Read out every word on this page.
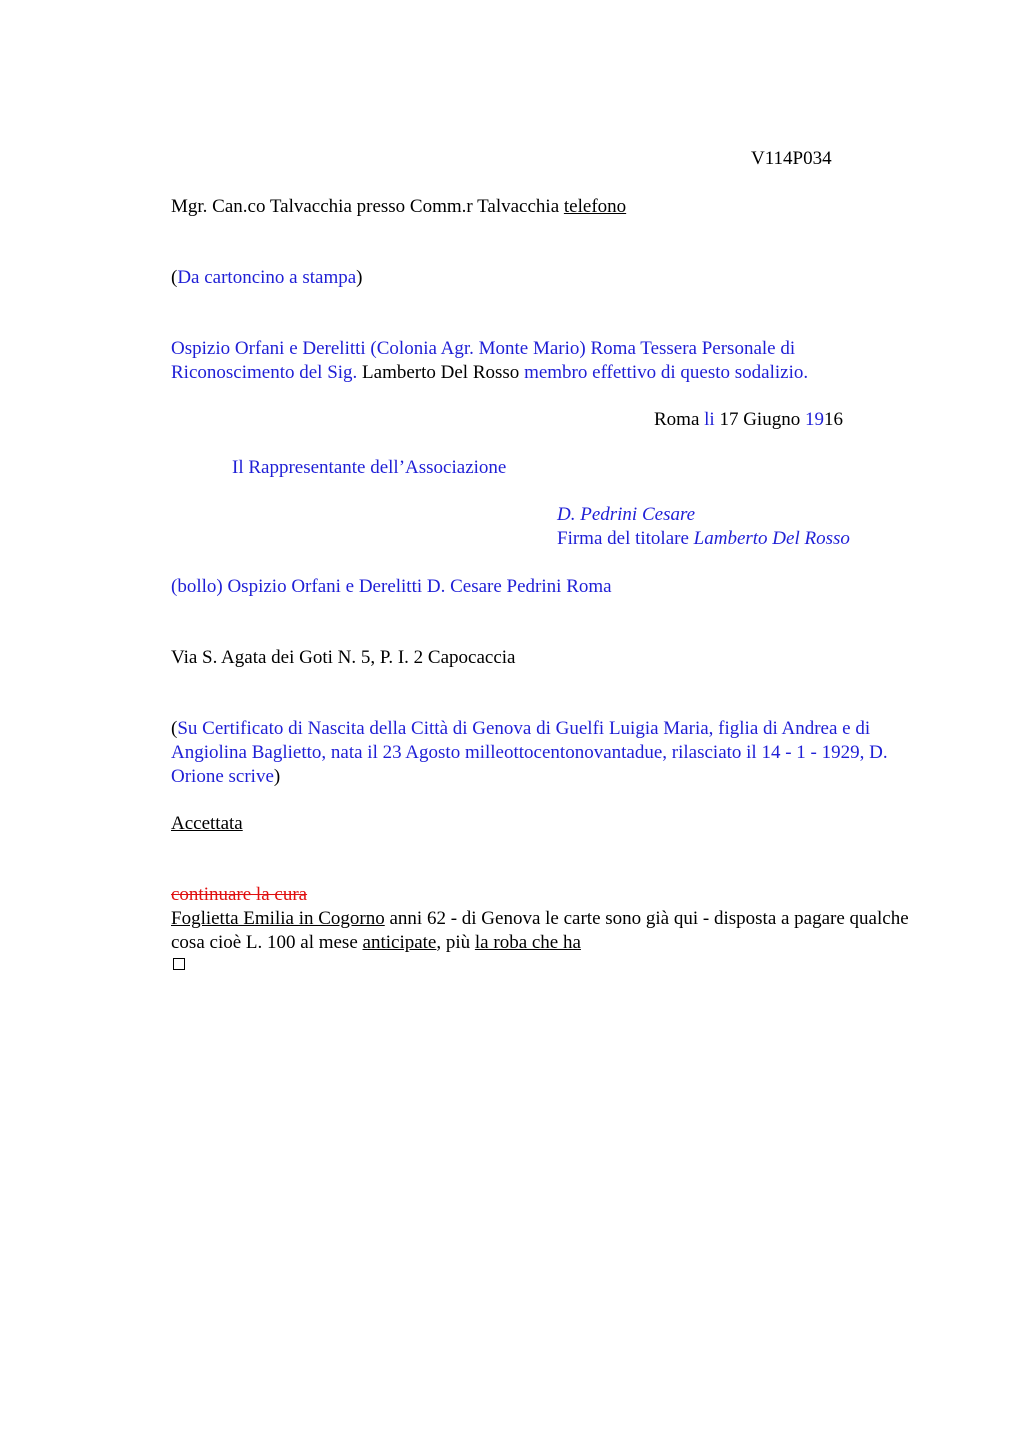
V114P034
Mgr. Can.co Talvacchia presso Comm.r Talvacchia telefono
(Da cartoncino a stampa)
Ospizio Orfani e Derelitti (Colonia Agr. Monte Mario) Roma Tessera Personale di Riconoscimento del Sig. Lamberto Del Rosso membro effettivo di questo sodalizio.
Roma li 17 Giugno 1916
Il Rappresentante dell’Associazione
D. Pedrini Cesare
Firma del titolare Lamberto Del Rosso
(bollo) Ospizio Orfani e Derelitti D. Cesare Pedrini Roma
Via S. Agata dei Goti N. 5, P. I. 2 Capocaccia
(Su Certificato di Nascita della Città di Genova di Guelfi Luigia Maria, figlia di Andrea e di Angiolina Baglietto, nata il 23 Agosto milleottocentonovantadue, rilasciato il 14 - 1 - 1929, D. Orione scrive)
Accettata
continuare la cura
Foglietta Emilia in Cogorno anni 62 - di Genova le carte sono già qui - disposta a pagare qualche cosa cioè L. 100 al mese anticipate, più la roba che ha
